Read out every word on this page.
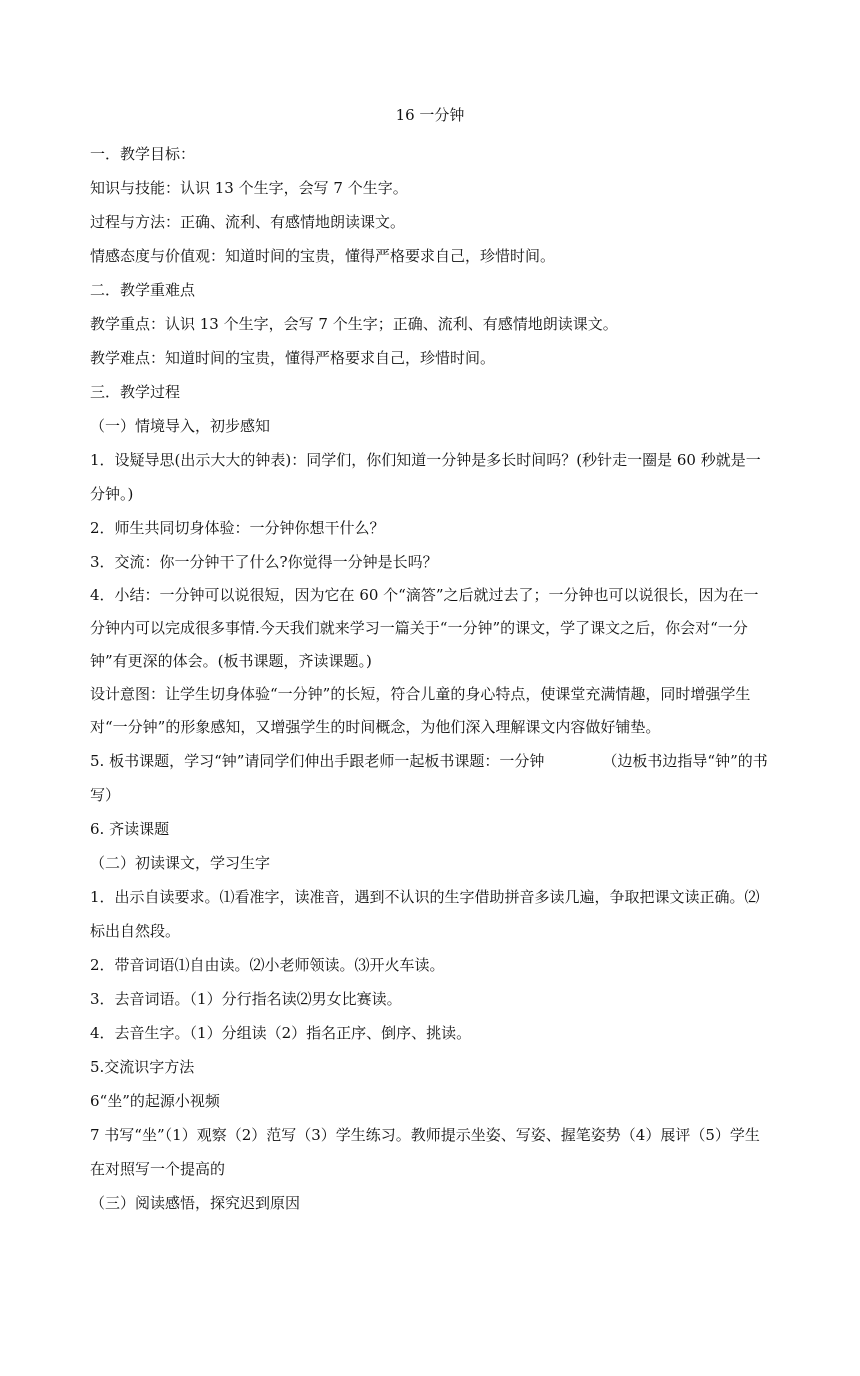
16 一分钟

一．教学目标：

知识与技能：认识 13 个生字，会写 7 个生字。

过程与方法：正确、流利、有感情地朗读课文。

情感态度与价值观：知道时间的宝贵，懂得严格要求自己，珍惜时间。

二．教学重难点

教学重点：认识 13 个生字，会写 7 个生字；正确、流利、有感情地朗读课文。

教学难点：知道时间的宝贵，懂得严格要求自己，珍惜时间。

三．教学过程

（一）情境导入，初步感知

1．设疑导思(出示大大的钟表)：同学们，你们知道一分钟是多长时间吗？(秒针走一圈是 60 秒就是一分钟。)

2．师生共同切身体验：一分钟你想干什么？

3．交流：你一分钟干了什么?你觉得一分钟是长吗？

4．小结：一分钟可以说很短，因为它在 60 个“滴答”之后就过去了；一分钟也可以说很长，因为在一分钟内可以完成很多事情.今天我们就来学习一篇关于“一分钟”的课文，学了课文之后，你会对“一分钟”有更深的体会。(板书课题，齐读课题。)

设计意图：让学生切身体验“一分钟”的长短，符合儿童的身心特点，使课堂充满情趣，同时增强学生对“一分钟”的形象感知，又增强学生的时间概念，为他们深入理解课文内容做好铺垫。

5. 板书课题，学习“钟”请同学们伸出手跟老师一起板书课题：一分钟	（边板书边指导“钟”的书写）

6. 齐读课题

（二）初读课文，学习生字

1．出示自读要求。⑴看准字，读准音，遇到不认识的生字借助拼音多读几遍，争取把课文读正确。⑵标出自然段。

2．带音词语⑴自由读。⑵小老师领读。⑶开火车读。

3．去音词语。（1）分行指名读⑵男女比赛读。

4．去音生字。（1）分组读（2）指名正序、倒序、挑读。

5.交流识字方法

6“坐”的起源小视频

7 书写“坐”（1）观察（2）范写（3）学生练习。教师提示坐姿、写姿、握笔姿势（4）展评（5）学生在对照写一个提高的

（三）阅读感悟，探究迟到原因
